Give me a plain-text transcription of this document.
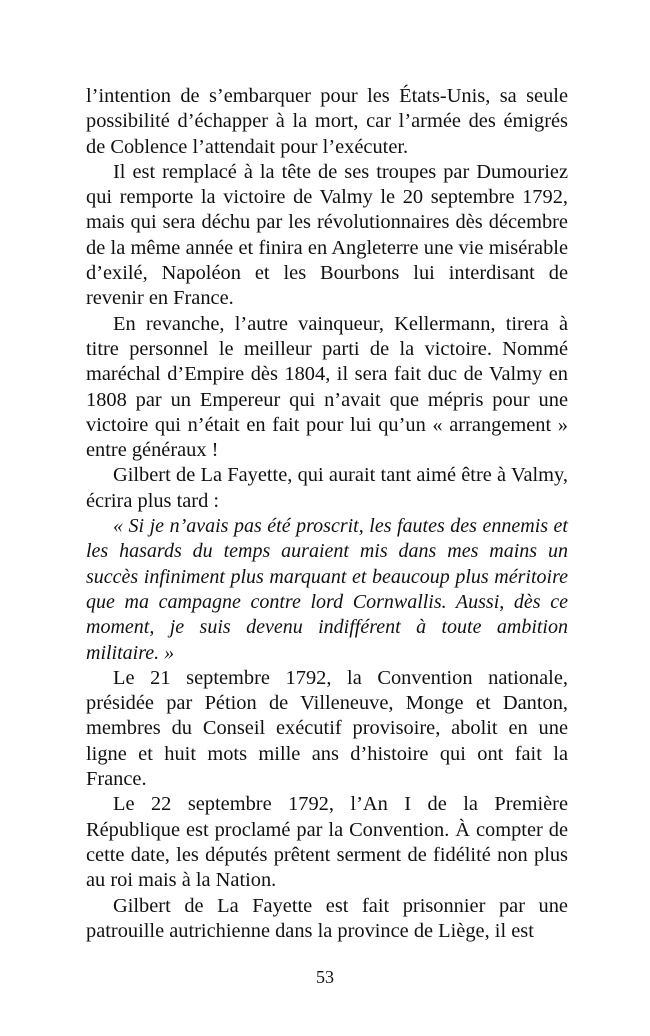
l’intention de s’embarquer pour les États-Unis, sa seule possibilité d’échapper à la mort, car l’armée des émigrés de Coblence l’attendait pour l’exécuter.

Il est remplacé à la tête de ses troupes par Dumouriez qui remporte la victoire de Valmy le 20 septembre 1792, mais qui sera déchu par les révolutionnaires dès décembre de la même année et finira en Angleterre une vie misérable d’exilé, Napoléon et les Bourbons lui interdisant de revenir en France.

En revanche, l’autre vainqueur, Kellermann, tirera à titre personnel le meilleur parti de la victoire. Nommé maréchal d’Empire dès 1804, il sera fait duc de Valmy en 1808 par un Empereur qui n’avait que mépris pour une victoire qui n’était en fait pour lui qu’un « arrangement » entre généraux !

Gilbert de La Fayette, qui aurait tant aimé être à Valmy, écrira plus tard :

« Si je n’avais pas été proscrit, les fautes des ennemis et les hasards du temps auraient mis dans mes mains un succès infiniment plus marquant et beaucoup plus méritoire que ma campagne contre lord Cornwallis. Aussi, dès ce moment, je suis devenu indifférent à toute ambition militaire. »

Le 21 septembre 1792, la Convention nationale, présidée par Pétion de Villeneuve, Monge et Danton, membres du Conseil exécutif provisoire, abolit en une ligne et huit mots mille ans d’histoire qui ont fait la France.

Le 22 septembre 1792, l’An I de la Première République est proclamé par la Convention. À compter de cette date, les députés prêtent serment de fidélité non plus au roi mais à la Nation.

Gilbert de La Fayette est fait prisonnier par une patrouille autrichienne dans la province de Liège, il est

53
